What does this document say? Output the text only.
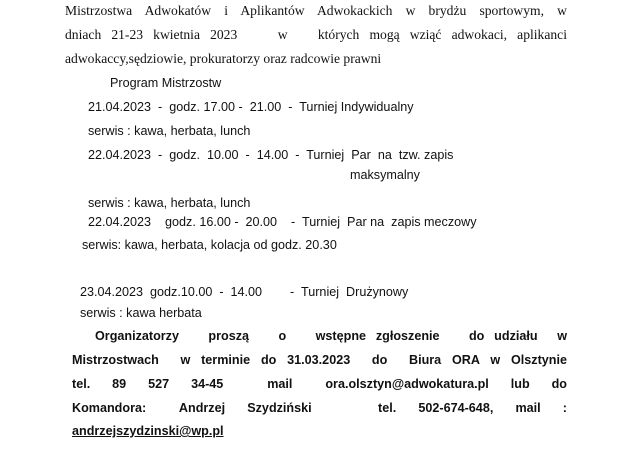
Mistrzostwa Adwokatów i Aplikantów Adwokackich w brydżu sportowym, w
dniach 21-23 kwietnia 2023    w   których mogą wziąć adwokaci, aplikanci
adwokaccy,sędziowie, prokuratorzy oraz radcowie prawni
Program Mistrzostw
21.04.2023  -  godz. 17.00 -  21.00  -  Turniej Indywidualny
serwis : kawa, herbata, lunch
22.04.2023  -  godz.  10.00  -  14.00  -  Turniej  Par  na  tzw. zapis
maksymalny
serwis : kawa, herbata, lunch
22.04.2023    godz. 16.00 -  20.00    -  Turniej  Par na  zapis meczowy
serwis: kawa, herbata, kolacja od godz. 20.30
23.04.2023  godz.10.00  -  14.00        -  Turniej  Drużynowy
serwis : kawa herbata
Organizatorzy   proszą   o   wstępne zgłoszenie   do udziału  w
Mistrzostwach  w terminie do 31.03.2023  do  Biura ORA w Olsztynie
tel.  89  527  34-45    mail   ora.olsztyn@adwokatura.pl  lub  do
Komandora:   Andrzej  Szydziński      tel.  502-674-648,  mail  :
andrzejszydzinski@wp.pl
